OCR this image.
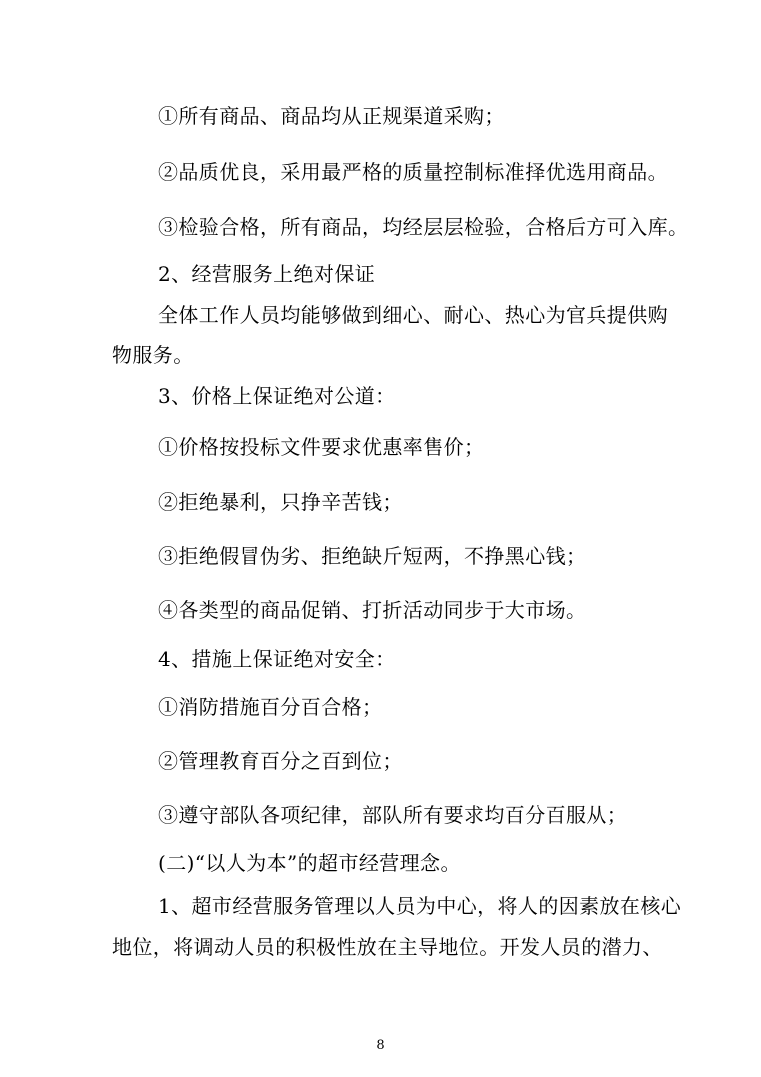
①所有商品、商品均从正规渠道采购；
②品质优良，采用最严格的质量控制标准择优选用商品。
③检验合格，所有商品，均经层层检验，合格后方可入库。
2、经营服务上绝对保证
全体工作人员均能够做到细心、耐心、热心为官兵提供购
物服务。
3、价格上保证绝对公道：
①价格按投标文件要求优惠率售价；
②拒绝暴利，只挣辛苦钱；
③拒绝假冒伪劣、拒绝缺斤短两，不挣黑心钱；
④各类型的商品促销、打折活动同步于大市场。
4、措施上保证绝对安全：
①消防措施百分百合格；
②管理教育百分之百到位；
③遵守部队各项纪律，部队所有要求均百分百服从；
(二)“以人为本”的超市经营理念。
1、超市经营服务管理以人员为中心，将人的因素放在核心
地位，将调动人员的积极性放在主导地位。开发人员的潜力、
8
